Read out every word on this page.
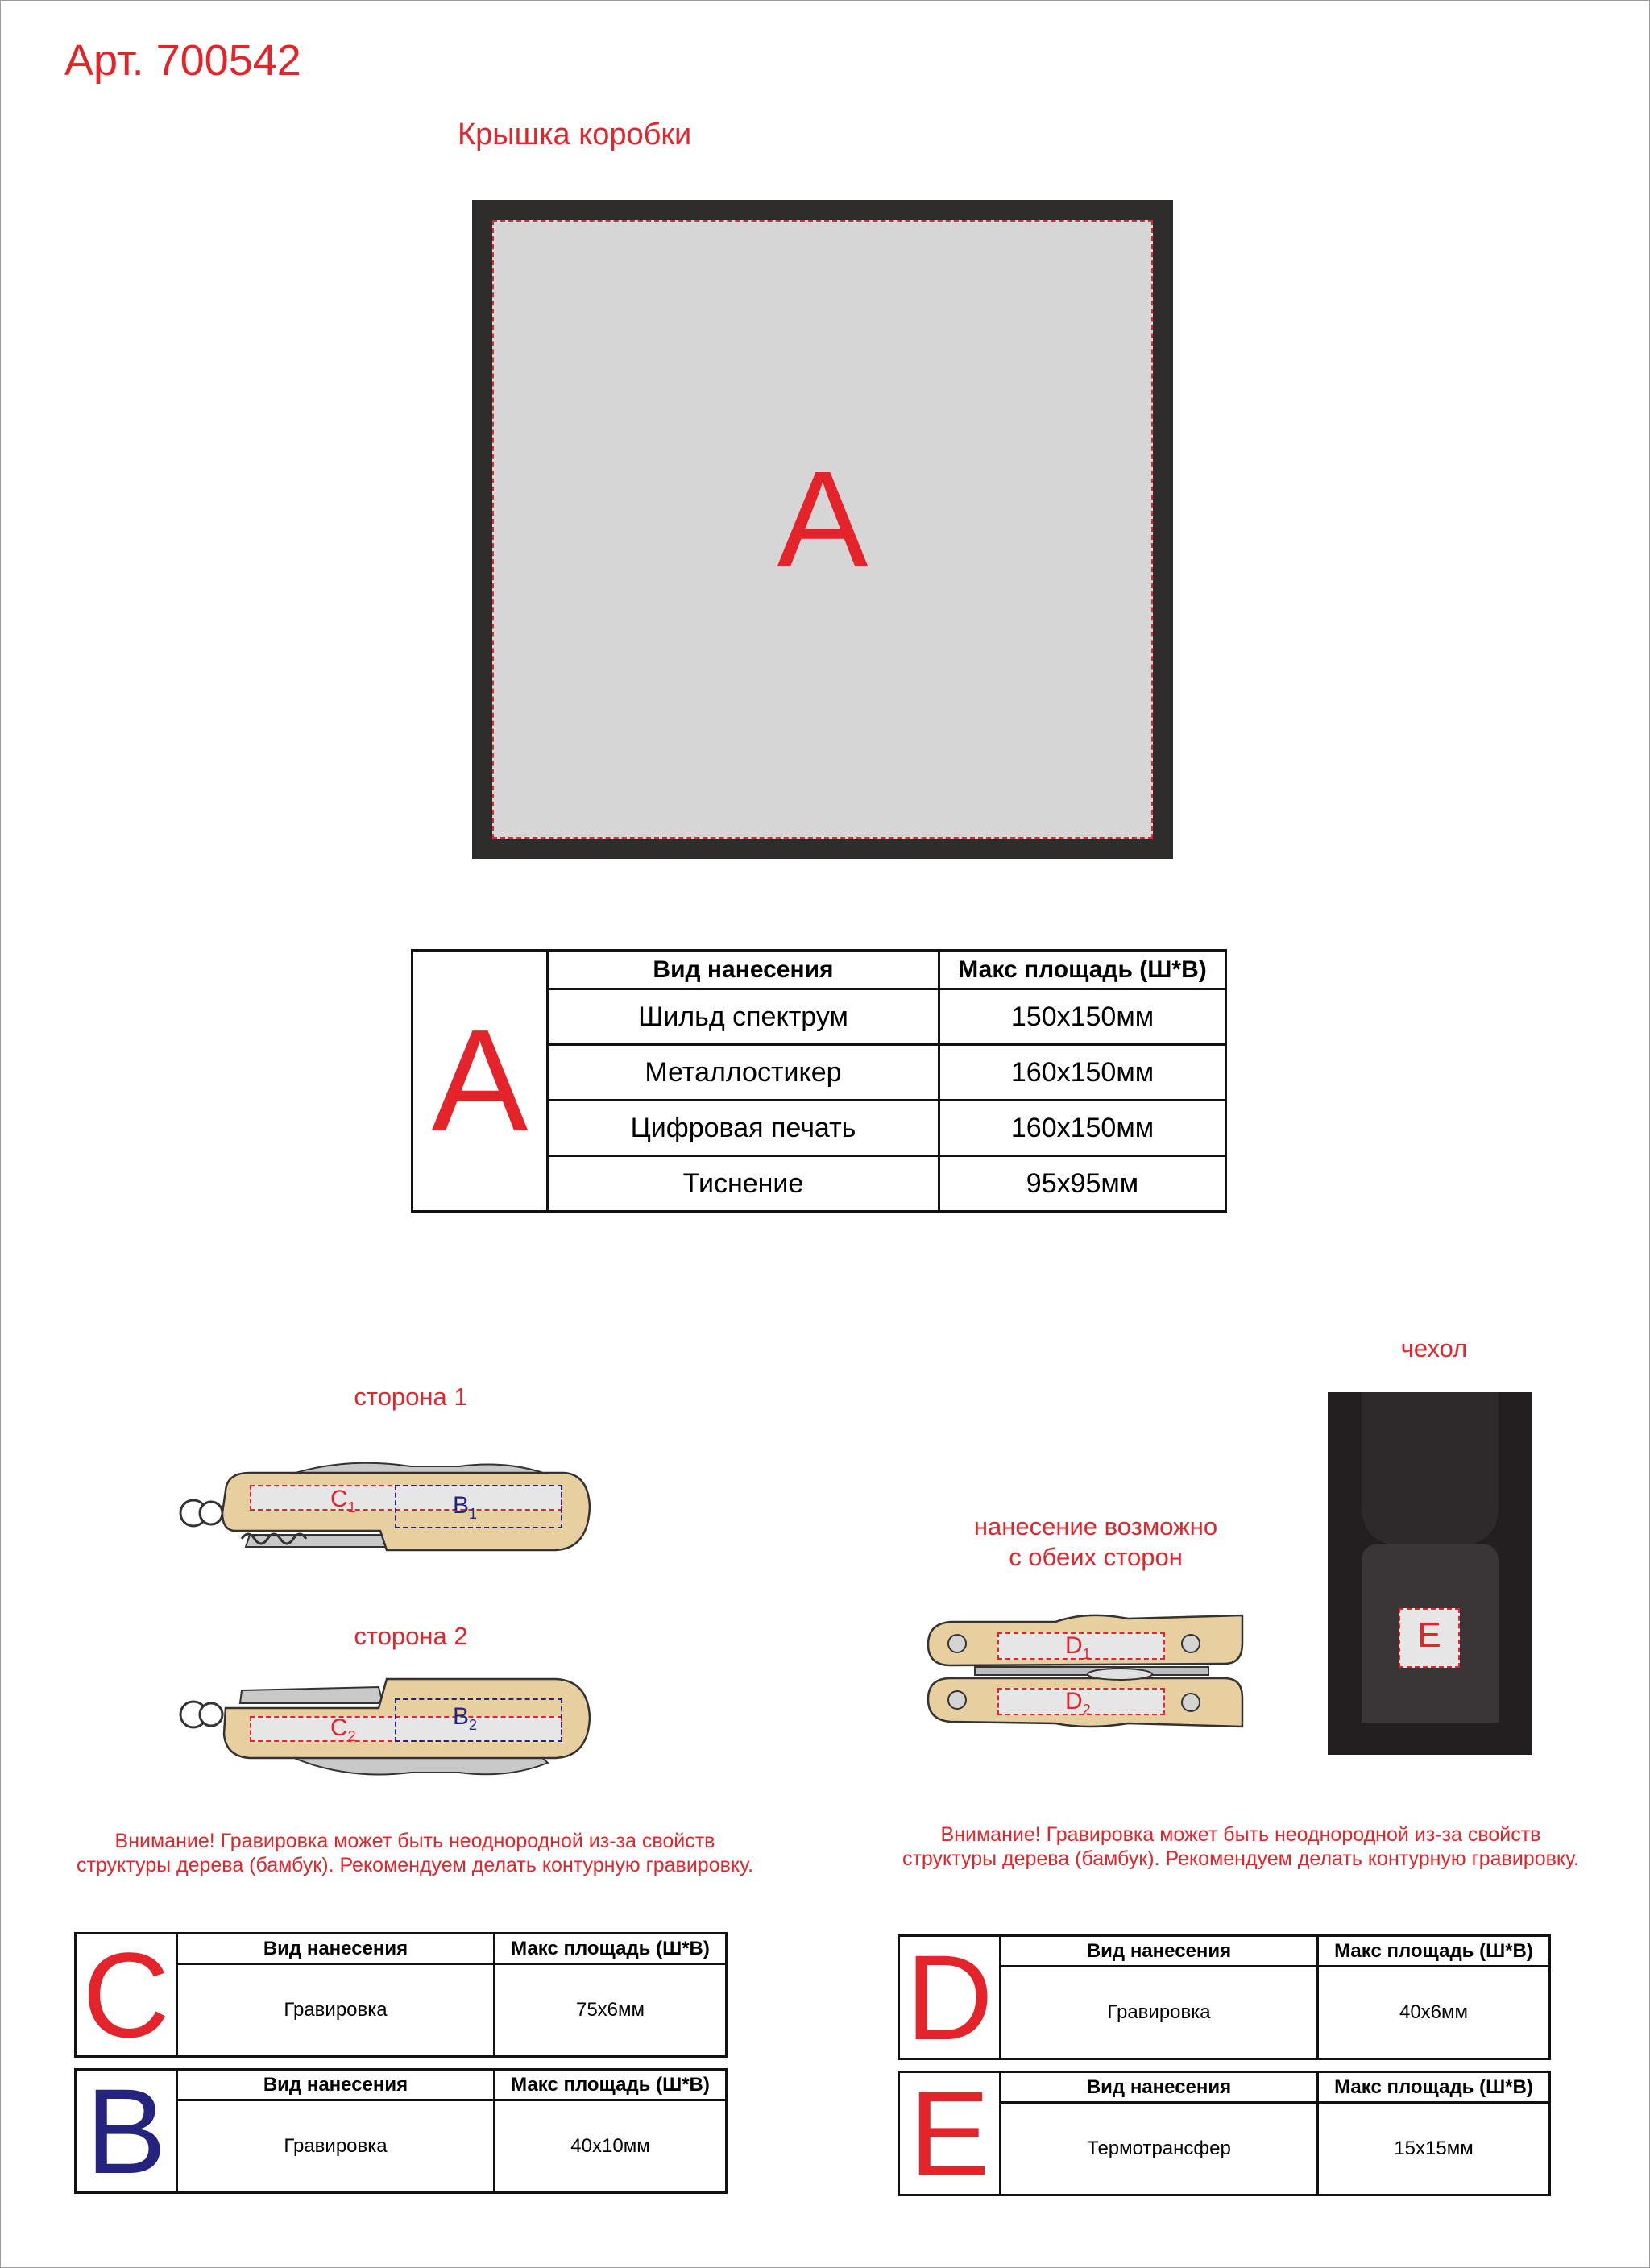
Арт. 700542
Крышка коробки
A
A	Вид нанесения	Макс площадь (Ш*В)
	Шильд спектрум	150x150мм
	Металлостикер	160x150мм
	Цифровая печать	160x150мм
	Тиснение	95x95мм
сторона 1
$C_1$	$B_1$
сторона 2
$C_2$
$B_2$
нанесение возможно
с обеих сторон
$D_1$
$D_2$
чехол
E
Внимание! Гравировка может быть неоднородной из-за свойств
структуры дерева (бамбук). Рекомендуем делать контурную гравировку.
Внимание! Гравировка может быть неоднородной из-за свойств
структуры дерева (бамбук). Рекомендуем делать контурную гравировку.
C	Вид нанесения	Макс площадь (Ш*В)
	Гравировка	75x6мм
B	Вид нанесения	Макс площадь (Ш*В)
	Гравировка	40x10мм
D	Вид нанесения	Макс площадь (Ш*В)
	Гравировка	40x6мм
E	Вид нанесения	Макс площадь (Ш*В)
	Термотрансфер	15x15мм
